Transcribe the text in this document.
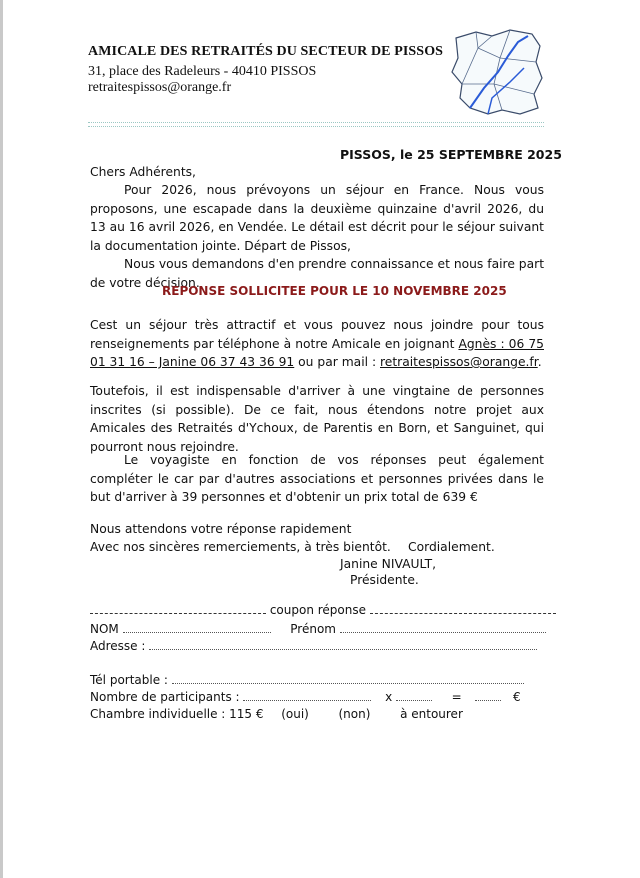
AMICALE DES RETRAITÉS DU SECTEUR DE PISSOS
31, place des Radeleurs - 40410 PISSOS
retraitespissos@orange.fr
PISSOS, le 25 SEPTEMBRE 2025
Chers Adhérents,

Pour 2026, nous prévoyons un séjour en France. Nous vous proposons, une escapade dans la deuxième quinzaine d'avril 2026, du 13 au 16 avril 2026, en Vendée. Le détail est décrit pour le séjour suivant la documentation jointe. Départ de Pissos,

Nous vous demandons d'en prendre connaissance et nous faire part de votre décision.

REPONSE SOLLICITEE POUR LE 10 NOVEMBRE 2025

Cest un séjour très attractif et vous pouvez nous joindre pour tous renseignements par téléphone à notre Amicale en joignant Agnès : 06 75 01 31 16 – Janine 06 37 43 36 91 ou par mail : retraitespissos@orange.fr.

Toutefois, il est indispensable d'arriver à une vingtaine de personnes inscrites (si possible). De ce fait, nous étendons notre projet aux Amicales des Retraités d'Ychoux, de Parentis en Born, et Sanguinet, qui pourront nous rejoindre.

Le voyagiste en fonction de vos réponses peut également compléter le car par d'autres associations et personnes privées dans le but d'arriver à 39 personnes et d'obtenir un prix total de 639 €

Nous attendons votre réponse rapidement
Avec nos sincères remerciements, à très bientôt. Cordialement.
Janine NIVAULT,
Présidente.
coupon réponse
NOM	Prénom
Adresse :
Tél portable :
Nombre de participants :	x	=	€
Chambre individuelle : 115 € (oui) (non) à entourer
